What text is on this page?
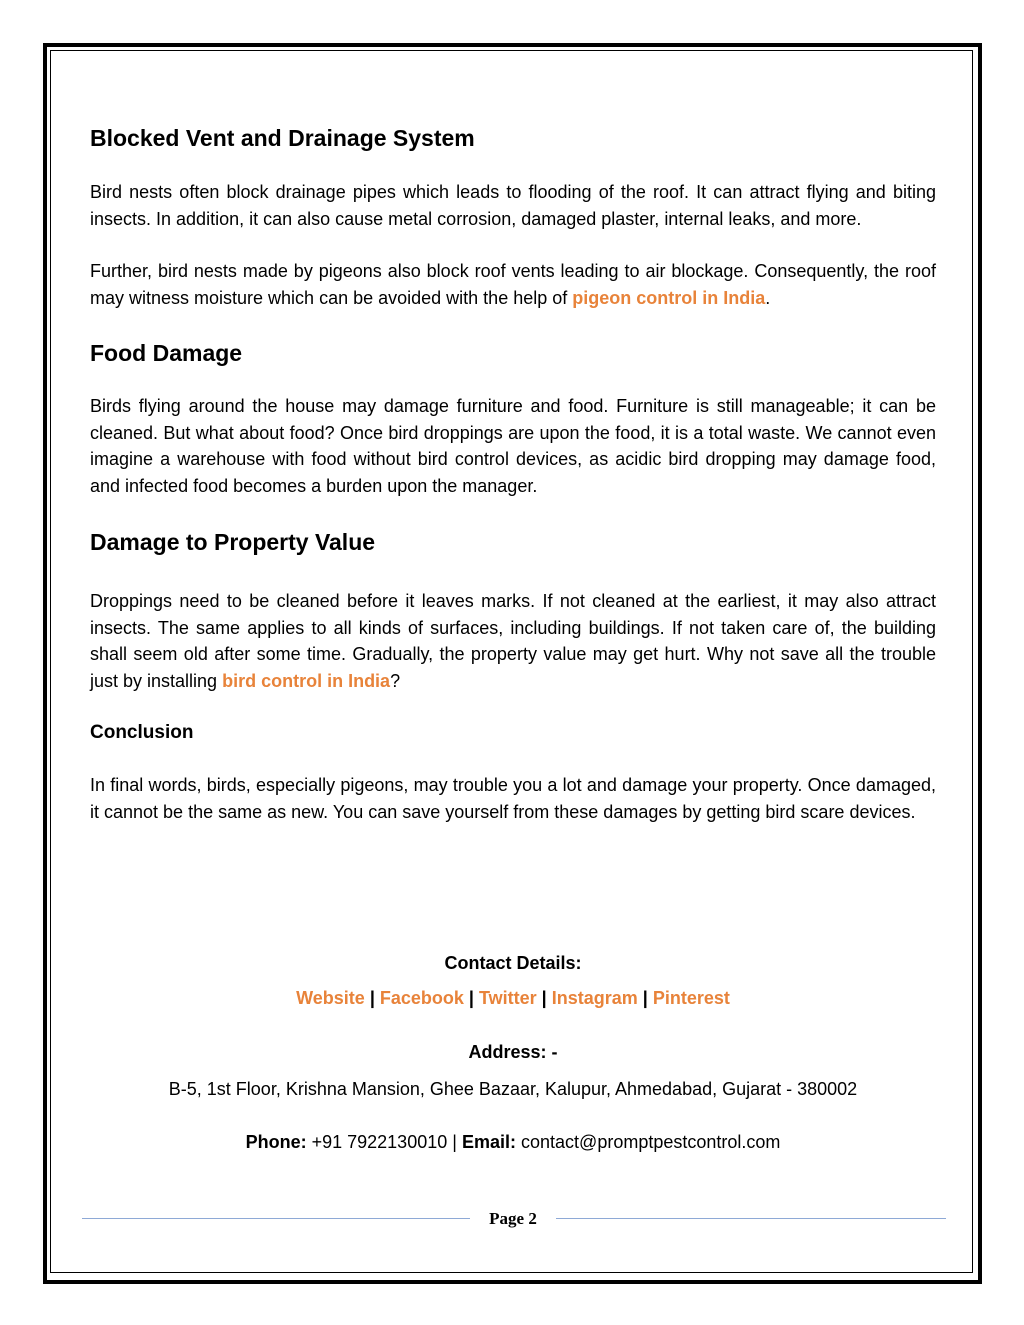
Blocked Vent and Drainage System

Bird nests often block drainage pipes which leads to flooding of the roof. It can attract flying and biting insects. In addition, it can also cause metal corrosion, damaged plaster, internal leaks, and more.

Further, bird nests made by pigeons also block roof vents leading to air blockage. Consequently, the roof may witness moisture which can be avoided with the help of pigeon control in India.

Food Damage

Birds flying around the house may damage furniture and food. Furniture is still manageable; it can be cleaned. But what about food? Once bird droppings are upon the food, it is a total waste. We cannot even imagine a warehouse with food without bird control devices, as acidic bird dropping may damage food, and infected food becomes a burden upon the manager.

Damage to Property Value

Droppings need to be cleaned before it leaves marks. If not cleaned at the earliest, it may also attract insects. The same applies to all kinds of surfaces, including buildings. If not taken care of, the building shall seem old after some time. Gradually, the property value may get hurt. Why not save all the trouble just by installing bird control in India?

Conclusion

In final words, birds, especially pigeons, may trouble you a lot and damage your property. Once damaged, it cannot be the same as new. You can save yourself from these damages by getting bird scare devices.

Contact Details:
Website | Facebook | Twitter | Instagram | Pinterest
Address: -
B-5, 1st Floor, Krishna Mansion, Ghee Bazaar, Kalupur, Ahmedabad, Gujarat - 380002
Phone: +91 7922130010 | Email: contact@promptpestcontrol.com
Page 2
